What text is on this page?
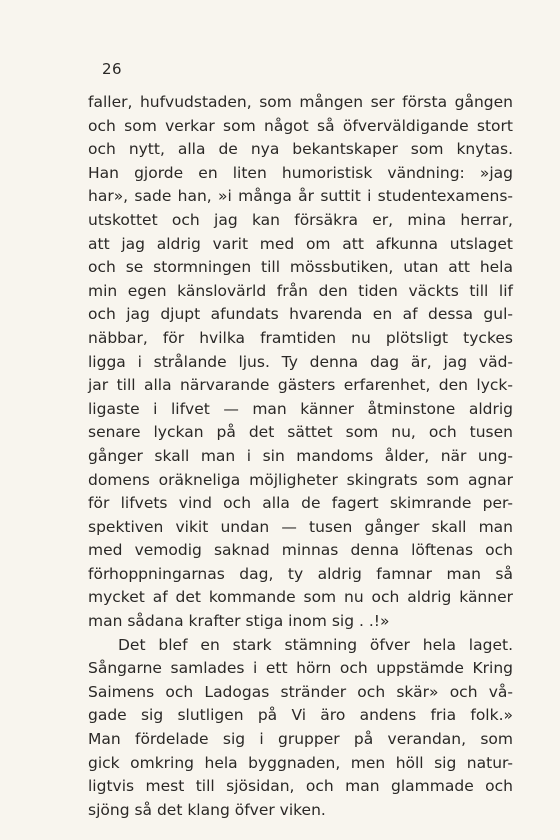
26
faller, hufvudstaden, som mången ser första gången
och som verkar som något så öfverväldigande stort
och nytt, alla de nya bekantskaper som knytas.
Han gjorde en liten humoristisk vändning: »jag
har», sade han, »i många år suttit i studentexamens-
utskottet och jag kan försäkra er, mina herrar,
att jag aldrig varit med om att afkunna utslaget
och se stormningen till mössbutiken, utan att hela
min egen känslovärld från den tiden väckts till lif
och jag djupt afundats hvarenda en af dessa gul-
näbbar, för hvilka framtiden nu plötsligt tyckes
ligga i strålande ljus. Ty denna dag är, jag väd-
jar till alla närvarande gästers erfarenhet, den lyck-
ligaste i lifvet — man känner åtminstone aldrig
senare lyckan på det sättet som nu, och tusen
gånger skall man i sin mandoms ålder, när ung-
domens oräkneliga möjligheter skingrats som agnar
för lifvets vind och alla de fagert skimrande per-
spektiven vikit undan — tusen gånger skall man
med vemodig saknad minnas denna löftenas och
förhoppningarnas dag, ty aldrig famnar man så
mycket af det kommande som nu och aldrig känner
man sådana krafter stiga inom sig . .!»
Det blef en stark stämning öfver hela laget.
Sångarne samlades i ett hörn och uppstämde Kring
Saimens och Ladogas stränder och skär» och vå-
gade sig slutligen på Vi äro andens fria folk.»
Man fördelade sig i grupper på verandan, som
gick omkring hela byggnaden, men höll sig natur-
ligtvis mest till sjösidan, och man glammade och
sjöng så det klang öfver viken.
